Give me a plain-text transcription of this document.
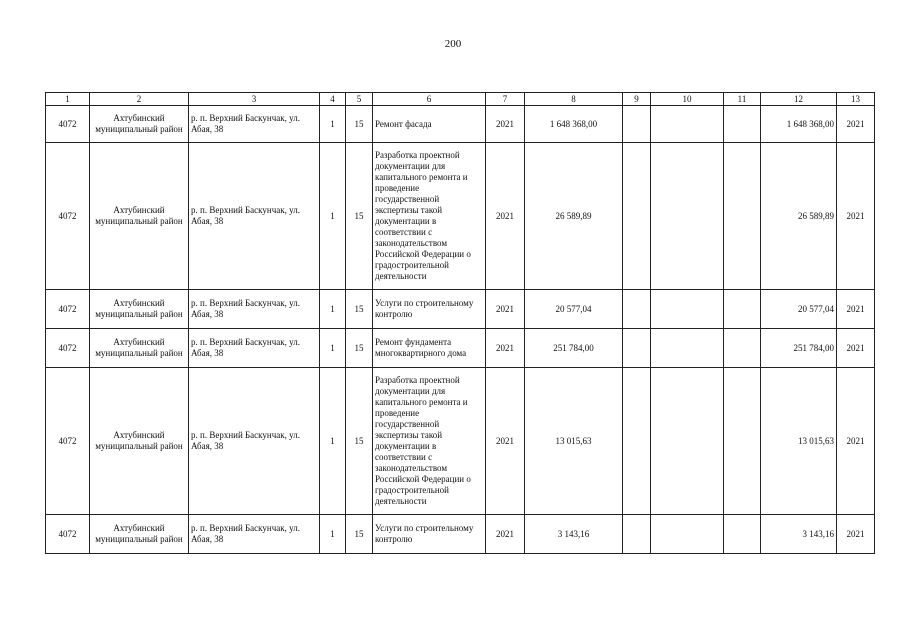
200
1	2	3	4	5	6	7	8	9	10	11	12	13
4072	Ахтубинский муниципальный район	р. п. Верхний Баскунчак, ул. Абая, 38	1	15	Ремонт фасада	2021	1 648 368,00				1 648 368,00	2021
4072	Ахтубинский муниципальный район	р. п. Верхний Баскунчак, ул. Абая, 38	1	15	Разработка проектной документации для капитального ремонта и проведение государственной экспертизы такой документации в соответствии с законодательством Российской Федерации о градостроительной деятельности	2021	26 589,89				26 589,89	2021
4072	Ахтубинский муниципальный район	р. п. Верхний Баскунчак, ул. Абая, 38	1	15	Услуги по строительному контролю	2021	20 577,04				20 577,04	2021
4072	Ахтубинский муниципальный район	р. п. Верхний Баскунчак, ул. Абая, 38	1	15	Ремонт фундамента многоквартирного дома	2021	251 784,00				251 784,00	2021
4072	Ахтубинский муниципальный район	р. п. Верхний Баскунчак, ул. Абая, 38	1	15	Разработка проектной документации для капитального ремонта и проведение государственной экспертизы такой документации в соответствии с законодательством Российской Федерации о градостроительной деятельности	2021	13 015,63				13 015,63	2021
4072	Ахтубинский муниципальный район	р. п. Верхний Баскунчак, ул. Абая, 38	1	15	Услуги по строительному контролю	2021	3 143,16				3 143,16	2021
